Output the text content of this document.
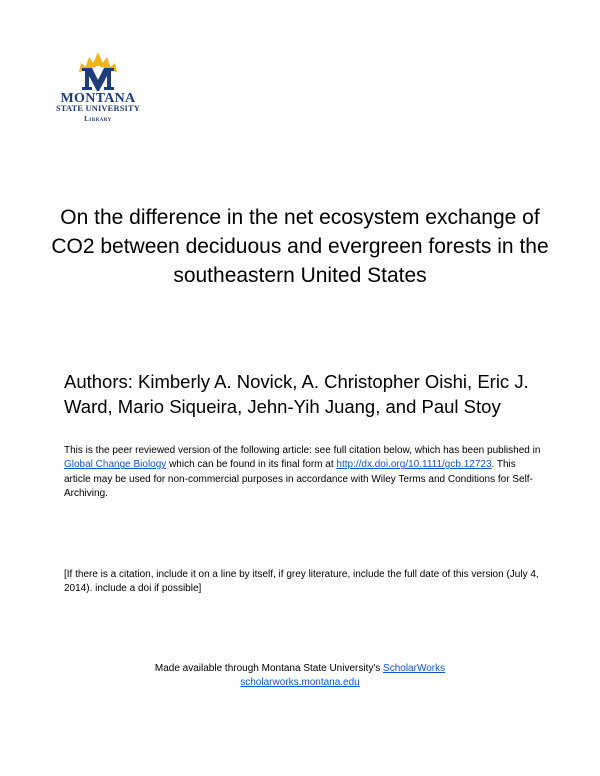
MONTANA
STATE UNIVERSITY
Library
On the difference in the net ecosystem exchange of CO2 between deciduous and evergreen forests in the southeastern United States

Authors: Kimberly A. Novick, A. Christopher Oishi, Eric J. Ward, Mario Siqueira, Jehn-Yih Juang, and Paul Stoy

This is the peer reviewed version of the following article: see full citation below, which has been published in Global Change Biology which can be found in its final form at http://dx.doi.org/10.1111/gcb.12723. This article may be used for non-commercial purposes in accordance with Wiley Terms and Conditions for Self-Archiving.

[If there is a citation, include it on a line by itself, if grey literature, include the full date of this version (July 4, 2014). include a doi if possible]

Made available through Montana State University's ScholarWorks
scholarworks.montana.edu
